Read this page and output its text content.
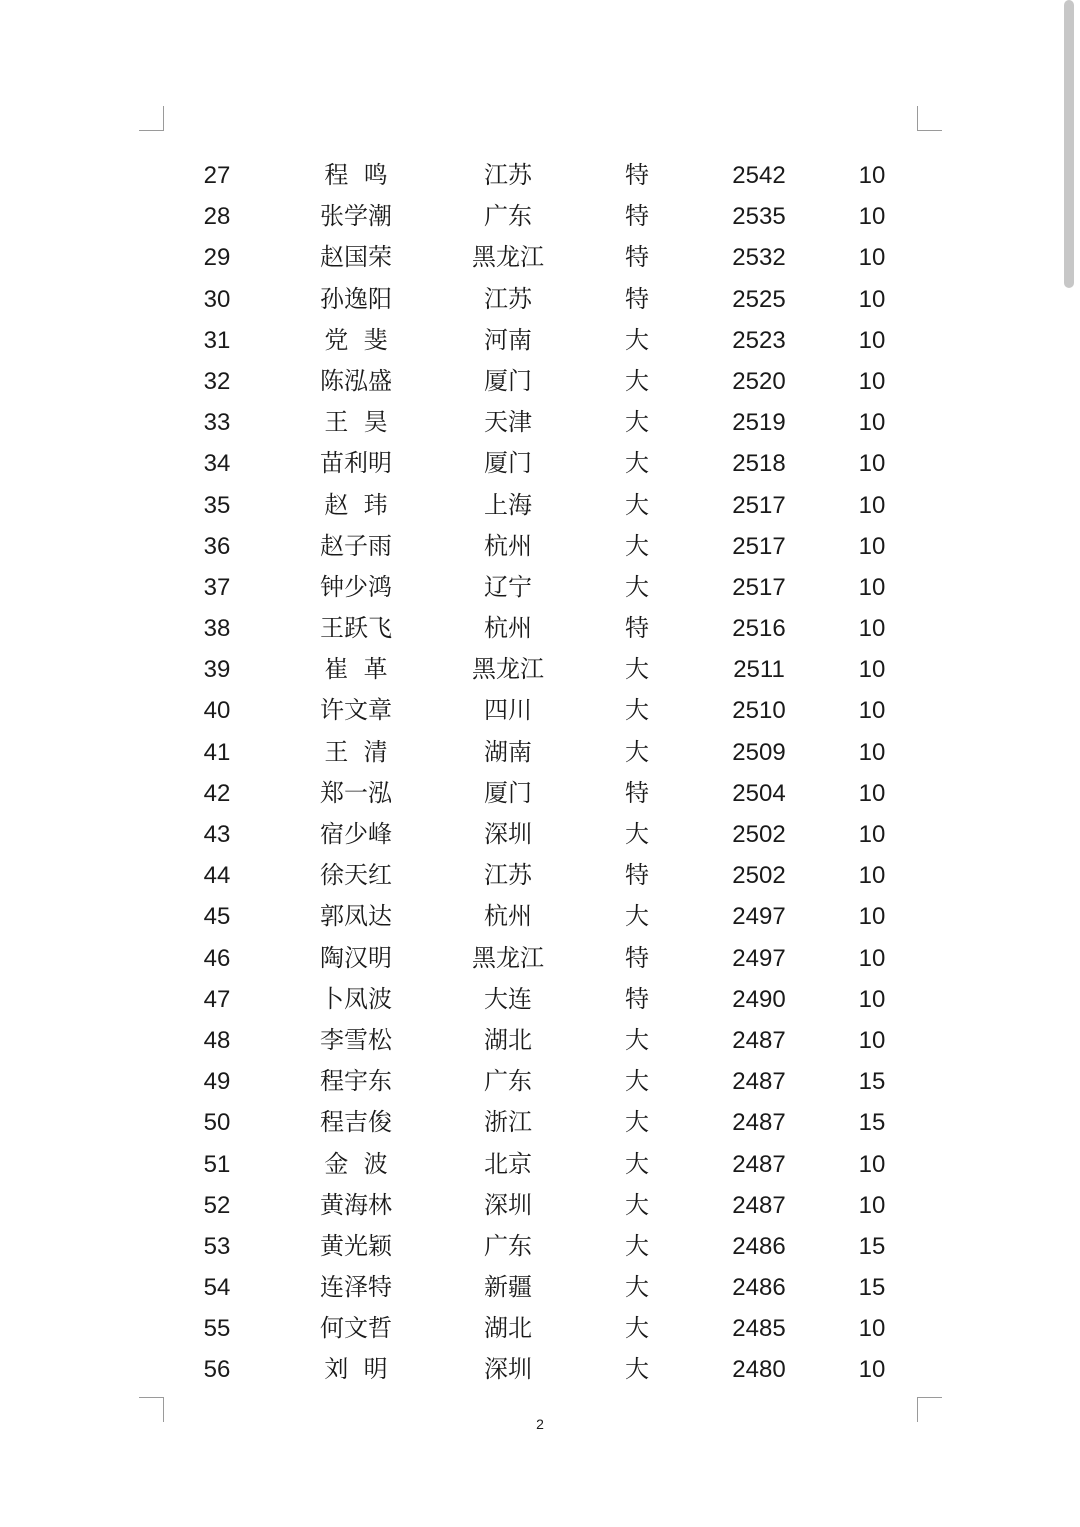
27	程  鸣	江苏	特	2542	10
28	张学潮	广东	特	2535	10
29	赵国荣	黑龙江	特	2532	10
30	孙逸阳	江苏	特	2525	10
31	党  斐	河南	大	2523	10
32	陈泓盛	厦门	大	2520	10
33	王  昊	天津	大	2519	10
34	苗利明	厦门	大	2518	10
35	赵  玮	上海	大	2517	10
36	赵子雨	杭州	大	2517	10
37	钟少鸿	辽宁	大	2517	10
38	王跃飞	杭州	特	2516	10
39	崔  革	黑龙江	大	2511	10
40	许文章	四川	大	2510	10
41	王  清	湖南	大	2509	10
42	郑一泓	厦门	特	2504	10
43	宿少峰	深圳	大	2502	10
44	徐天红	江苏	特	2502	10
45	郭凤达	杭州	大	2497	10
46	陶汉明	黑龙江	特	2497	10
47	卜凤波	大连	特	2490	10
48	李雪松	湖北	大	2487	10
49	程宇东	广东	大	2487	15
50	程吉俊	浙江	大	2487	15
51	金  波	北京	大	2487	10
52	黄海林	深圳	大	2487	10
53	黄光颖	广东	大	2486	15
54	连泽特	新疆	大	2486	15
55	何文哲	湖北	大	2485	10
56	刘  明	深圳	大	2480	10
2
